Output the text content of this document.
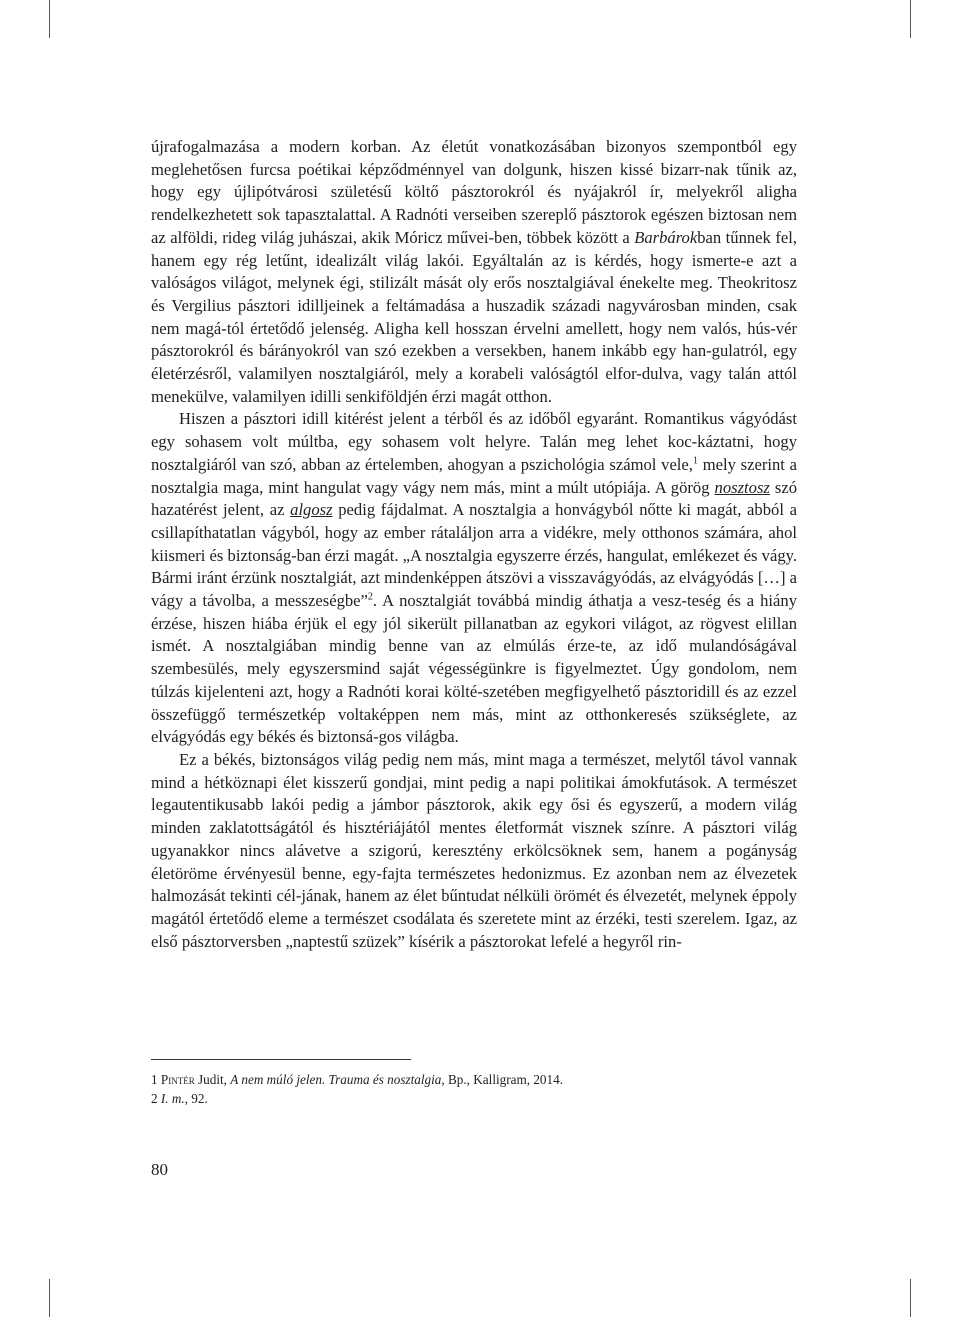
újrafogalmazása a modern korban. Az életút vonatkozásában bizonyos szempontból egy meglehetősen furcsa poétikai képződménnyel van dolgunk, hiszen kissé bizarr-nak tűnik az, hogy egy újlipótvárosi születésű költő pásztorokról és nyájakról ír, melyekről aligha rendelkezhetett sok tapasztalattal. A Radnóti verseiben szereplő pásztorok egészen biztosan nem az alföldi, rideg világ juhászai, akik Móricz művei-ben, többek között a Barbárokban tűnnek fel, hanem egy rég letűnt, idealizált világ lakói. Egyáltalán az is kérdés, hogy ismerte-e azt a valóságos világot, melynek égi, stilizált mását oly erős nosztalgiával énekelte meg. Theokritosz és Vergilius pásztori idilljeinek a feltámadása a huszadik századi nagyvárosban minden, csak nem magá-tól értetődő jelenség. Aligha kell hosszan érvelni amellett, hogy nem valós, hús-vér pásztorokról és bárányokról van szó ezekben a versekben, hanem inkább egy han-gulatról, egy életérzésről, valamilyen nosztalgiáról, mely a korabeli valóságtól elfor-dulva, vagy talán attól menekülve, valamilyen idilli senkiföldjén érzi magát otthon.

Hiszen a pásztori idill kitérést jelent a térből és az időből egyaránt. Romantikus vágyódást egy sohasem volt múltba, egy sohasem volt helyre. Talán meg lehet koc-káztatni, hogy nosztalgiáról van szó, abban az értelemben, ahogyan a pszichológia számol vele,$^1$ mely szerint a nosztalgia maga, mint hangulat vagy vágy nem más, mint a múlt utópiája. A görög nosztosz szó hazatérést jelent, az algosz pedig fájdalmat. A nosztalgia a honvágyból nőtte ki magát, abból a csillapíthatatlan vágyból, hogy az ember rátaláljon arra a vidékre, mely otthonos számára, ahol kiismeri és biztonság-ban érzi magát. „A nosztalgia egyszerre érzés, hangulat, emlékezet és vágy. Bármi iránt érzünk nosztalgiát, azt mindenképpen átszövi a visszavágyódás, az elvágyódás […] a vágy a távolba, a messzeségbe”$^2$. A nosztalgiát továbbá mindig áthatja a vesz-teség és a hiány érzése, hiszen hiába érjük el egy jól sikerült pillanatban az egykori világot, az rögvest elillan ismét. A nosztalgiában mindig benne van az elmúlás érze-te, az idő mulandóságával szembesülés, mely egyszersmind saját végességünkre is figyelmeztet. Úgy gondolom, nem túlzás kijelenteni azt, hogy a Radnóti korai költé-szetében megfigyelhető pásztoridill és az ezzel összefüggő természetkép voltaképpen nem más, mint az otthonkeresés szükséglete, az elvágyódás egy békés és biztonsá-gos világba.

Ez a békés, biztonságos világ pedig nem más, mint maga a természet, melytől távol vannak mind a hétköznapi élet kisszerű gondjai, mint pedig a napi politikai ámokfutások. A természet legautentikusabb lakói pedig a jámbor pásztorok, akik egy ősi és egyszerű, a modern világ minden zaklatottságától és hisztériájától mentes életformát visznek színre. A pásztori világ ugyanakkor nincs alávetve a szigorú, keresztény erkölcsöknek sem, hanem a pogányság életöröme érvényesül benne, egy-fajta természetes hedonizmus. Ez azonban nem az élvezetek halmozását tekinti cél-jának, hanem az élet bűntudat nélküli örömét és élvezetét, melynek éppoly magától értetődő eleme a természet csodálata és szeretete mint az érzéki, testi szerelem. Igaz, az első pásztorversben „naptestű szüzek” kísérik a pásztorokat lefelé a hegyről rin-

1 Pintér Judit, A nem múló jelen. Trauma és nosztalgia, Bp., Kalligram, 2014.
2 I. m., 92.
80
